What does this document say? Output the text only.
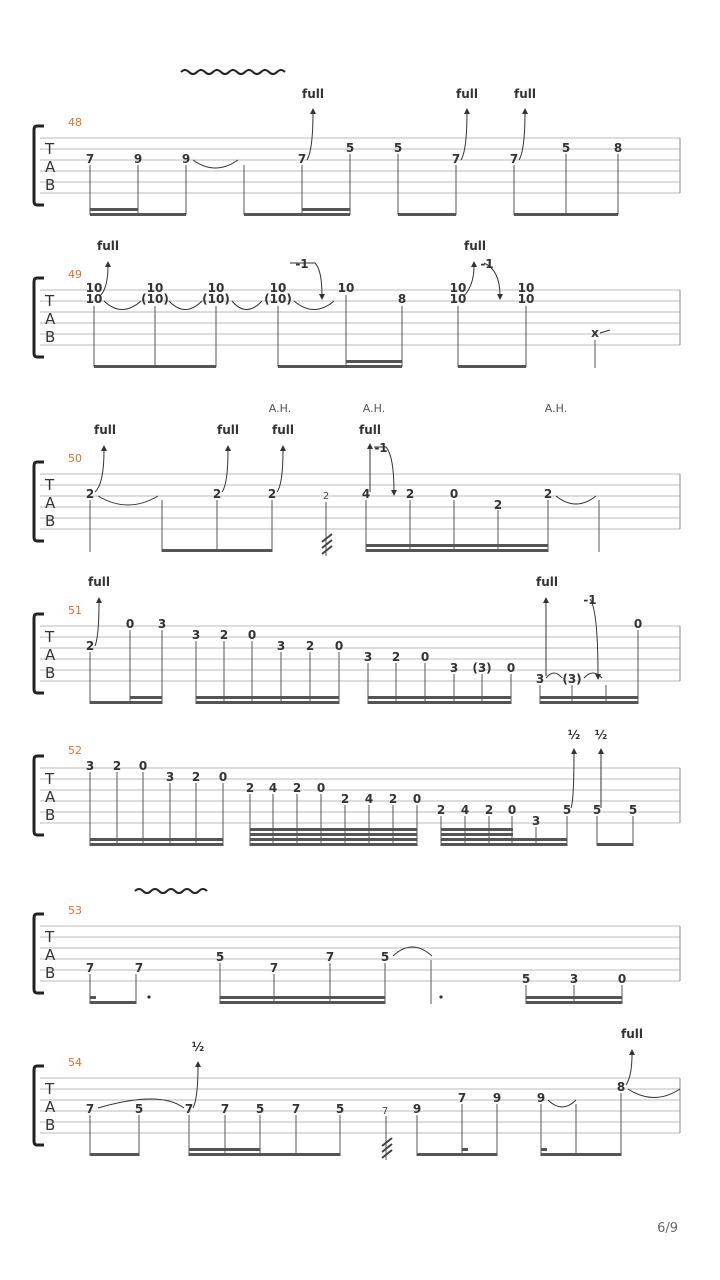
48
T
A
B
7	9	9	7
5	5
7	7
5	8
full	full	full
49
T
A
B
10
10
10
(10)
10
(10)
10
(10)
10
8
10
10
10
10
x
full
-1
full
-1
50
T
A
B
A.H.	A.H.	A.H.
2	2	2	2	4	2	0
2
2
full	full	full	full
-1
51
T
A
B
2
0 3
3 2 0
3 2 0
3 2 0
3 (3) 0
3 (3)
0
full	full
-1
52
T
A
B
3 2 0
3 2 0
2 4 2 0
2 4 2 0
2 4 2 0
3
5 5 5
½ ½
53
T
A
B	7	7
5
7
7	5
5	3	0
54
T
A
B
7	5	7 7 5 7	5	7 9
7 9	9
8
½
full
6/9
